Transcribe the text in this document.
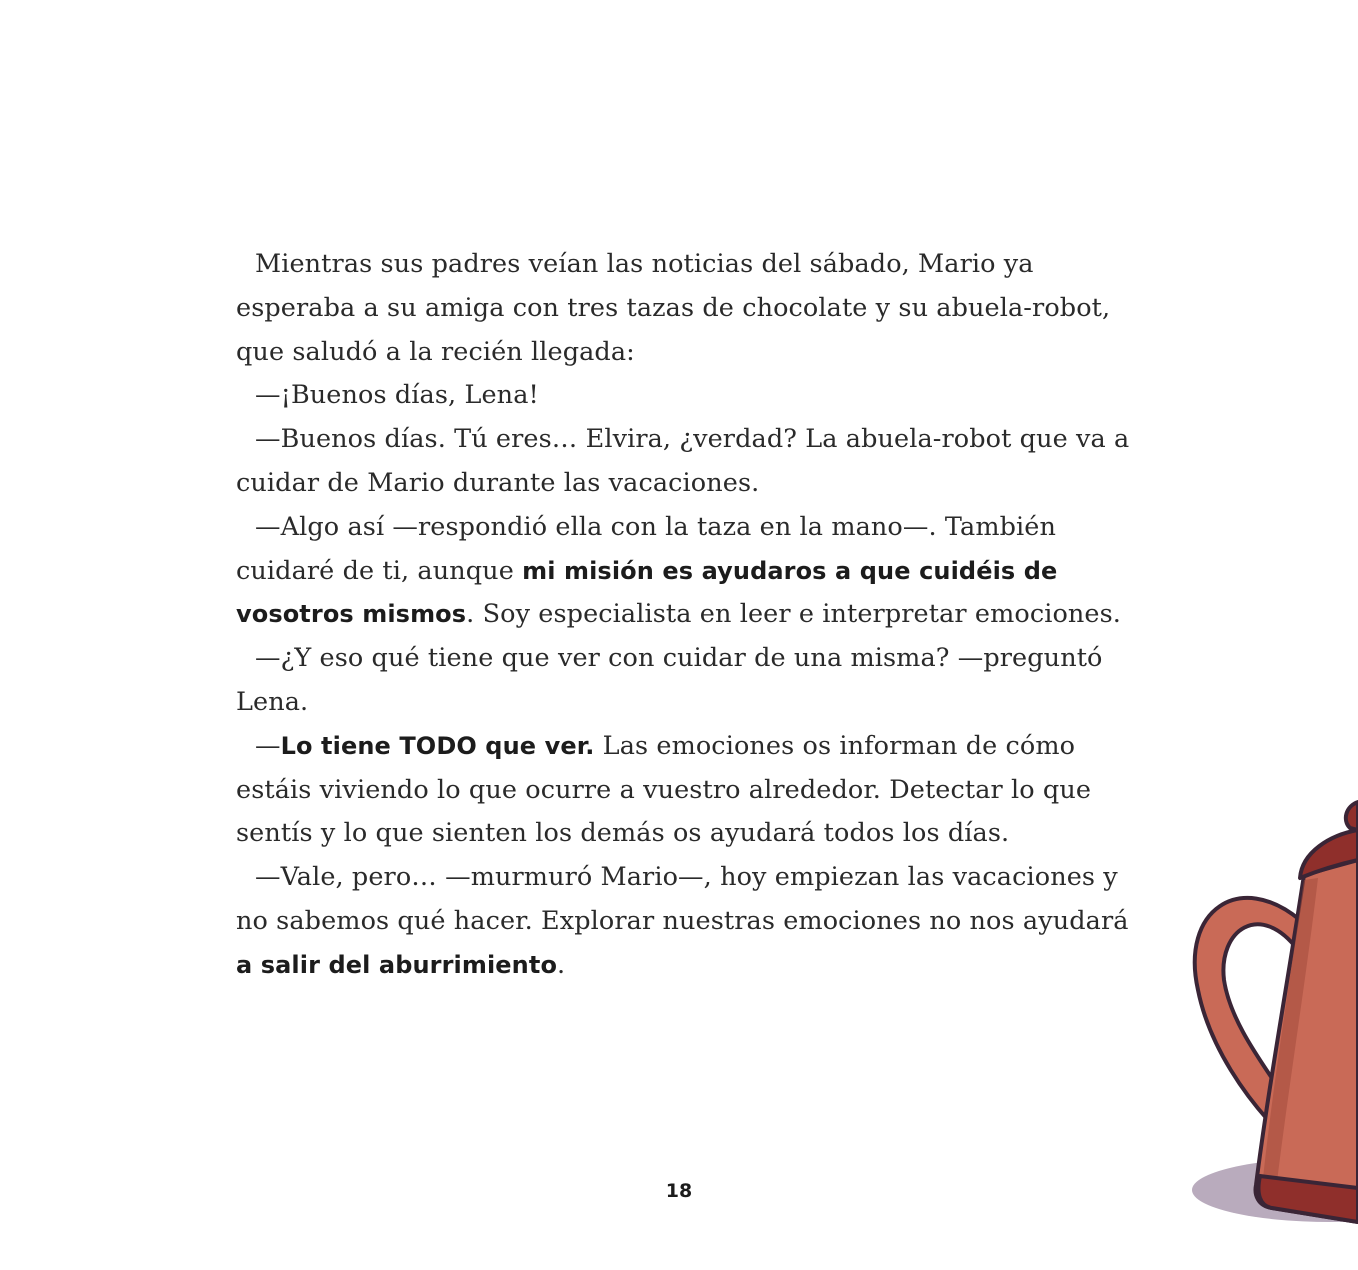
Mientras sus padres veían las noticias del sábado, Mario ya esperaba a su amiga con tres tazas de chocolate y su abuela-robot, que saludó a la recién llegada:

—¡Buenos días, Lena!

—Buenos días. Tú eres… Elvira, ¿verdad? La abuela-robot que va a cuidar de Mario durante las vacaciones.

—Algo así —respondió ella con la taza en la mano—. También cuidaré de ti, aunque mi misión es ayudaros a que cuidéis de vosotros mismos. Soy especialista en leer e interpretar emociones.

—¿Y eso qué tiene que ver con cuidar de una misma? —preguntó Lena.

—Lo tiene TODO que ver. Las emociones os informan de cómo estáis viviendo lo que ocurre a vuestro alrededor. Detectar lo que sentís y lo que sienten los demás os ayudará todos los días.

—Vale, pero… —murmuró Mario—, hoy empiezan las vacaciones y no sabemos qué hacer. Explorar nuestras emociones no nos ayudará a salir del aburrimiento.

18
